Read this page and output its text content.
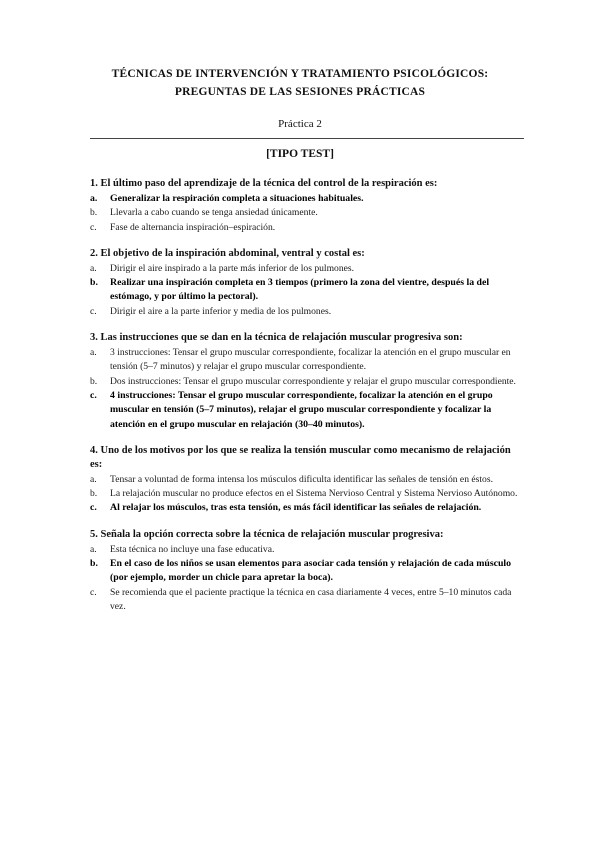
TÉCNICAS DE INTERVENCIÓN Y TRATAMIENTO PSICOLÓGICOS:
PREGUNTAS DE LAS SESIONES PRÁCTICAS
Práctica 2
[TIPO TEST]
1. El último paso del aprendizaje de la técnica del control de la respiración es:
a.	Generalizar la respiración completa a situaciones habituales.
b.	Llevarla a cabo cuando se tenga ansiedad únicamente.
c.	Fase de alternancia inspiración–espiración.
2. El objetivo de la inspiración abdominal, ventral y costal es:
a.	Dirigir el aire inspirado a la parte más inferior de los pulmones.
b.	Realizar una inspiración completa en 3 tiempos (primero la zona del vientre, después la del estómago, y por último la pectoral).
c.	Dirigir el aire a la parte inferior y media de los pulmones.
3. Las instrucciones que se dan en la técnica de relajación muscular progresiva son:
a.	3 instrucciones: Tensar el grupo muscular correspondiente, focalizar la atención en el grupo muscular en tensión (5–7 minutos) y relajar el grupo muscular correspondiente.
b.	Dos instrucciones: Tensar el grupo muscular correspondiente y relajar el grupo muscular correspondiente.
c.	4 instrucciones: Tensar el grupo muscular correspondiente, focalizar la atención en el grupo muscular en tensión (5–7 minutos), relajar el grupo muscular correspondiente y focalizar la atención en el grupo muscular en relajación (30–40 minutos).
4. Uno de los motivos por los que se realiza la tensión muscular como mecanismo de relajación es:
a.	Tensar a voluntad de forma intensa los músculos dificulta identificar las señales de tensión en éstos.
b.	La relajación muscular no produce efectos en el Sistema Nervioso Central y Sistema Nervioso Autónomo.
c.	Al relajar los músculos, tras esta tensión, es más fácil identificar las señales de relajación.
5. Señala la opción correcta sobre la técnica de relajación muscular progresiva:
a.	Esta técnica no incluye una fase educativa.
b.	En el caso de los niños se usan elementos para asociar cada tensión y relajación de cada músculo (por ejemplo, morder un chicle para apretar la boca).
c.	Se recomienda que el paciente practique la técnica en casa diariamente 4 veces, entre 5–10 minutos cada vez.
